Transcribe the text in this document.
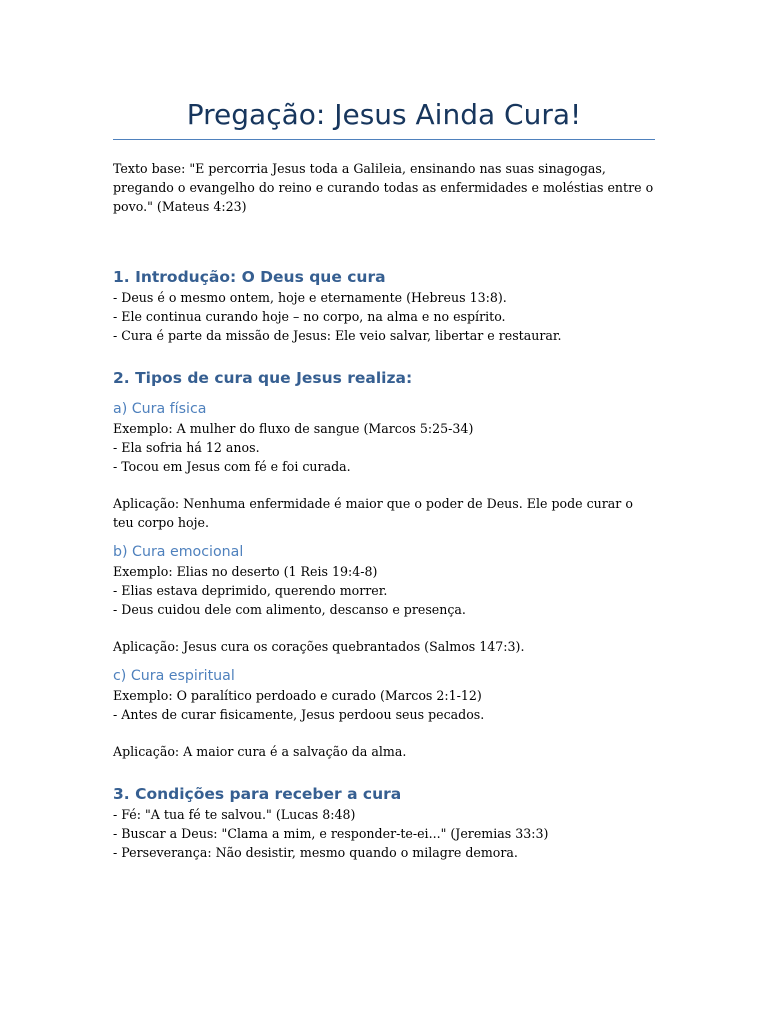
Pregação: Jesus Ainda Cura!

Texto base: "E percorria Jesus toda a Galileia, ensinando nas suas sinagogas, pregando o evangelho do reino e curando todas as enfermidades e moléstias entre o povo." (Mateus 4:23)

1. Introdução: O Deus que cura

- Deus é o mesmo ontem, hoje e eternamente (Hebreus 13:8).

- Ele continua curando hoje – no corpo, na alma e no espírito.

- Cura é parte da missão de Jesus: Ele veio salvar, libertar e restaurar.

2. Tipos de cura que Jesus realiza:

a) Cura física

Exemplo: A mulher do fluxo de sangue (Marcos 5:25-34)

- Ela sofria há 12 anos.

- Tocou em Jesus com fé e foi curada.

Aplicação: Nenhuma enfermidade é maior que o poder de Deus. Ele pode curar o teu corpo hoje.

b) Cura emocional

Exemplo: Elias no deserto (1 Reis 19:4-8)

- Elias estava deprimido, querendo morrer.

- Deus cuidou dele com alimento, descanso e presença.

Aplicação: Jesus cura os corações quebrantados (Salmos 147:3).

c) Cura espiritual

Exemplo: O paralítico perdoado e curado (Marcos 2:1-12)

- Antes de curar fisicamente, Jesus perdoou seus pecados.

Aplicação: A maior cura é a salvação da alma.

3. Condições para receber a cura

- Fé: "A tua fé te salvou." (Lucas 8:48)

- Buscar a Deus: "Clama a mim, e responder-te-ei..." (Jeremias 33:3)

- Perseverança: Não desistir, mesmo quando o milagre demora.
